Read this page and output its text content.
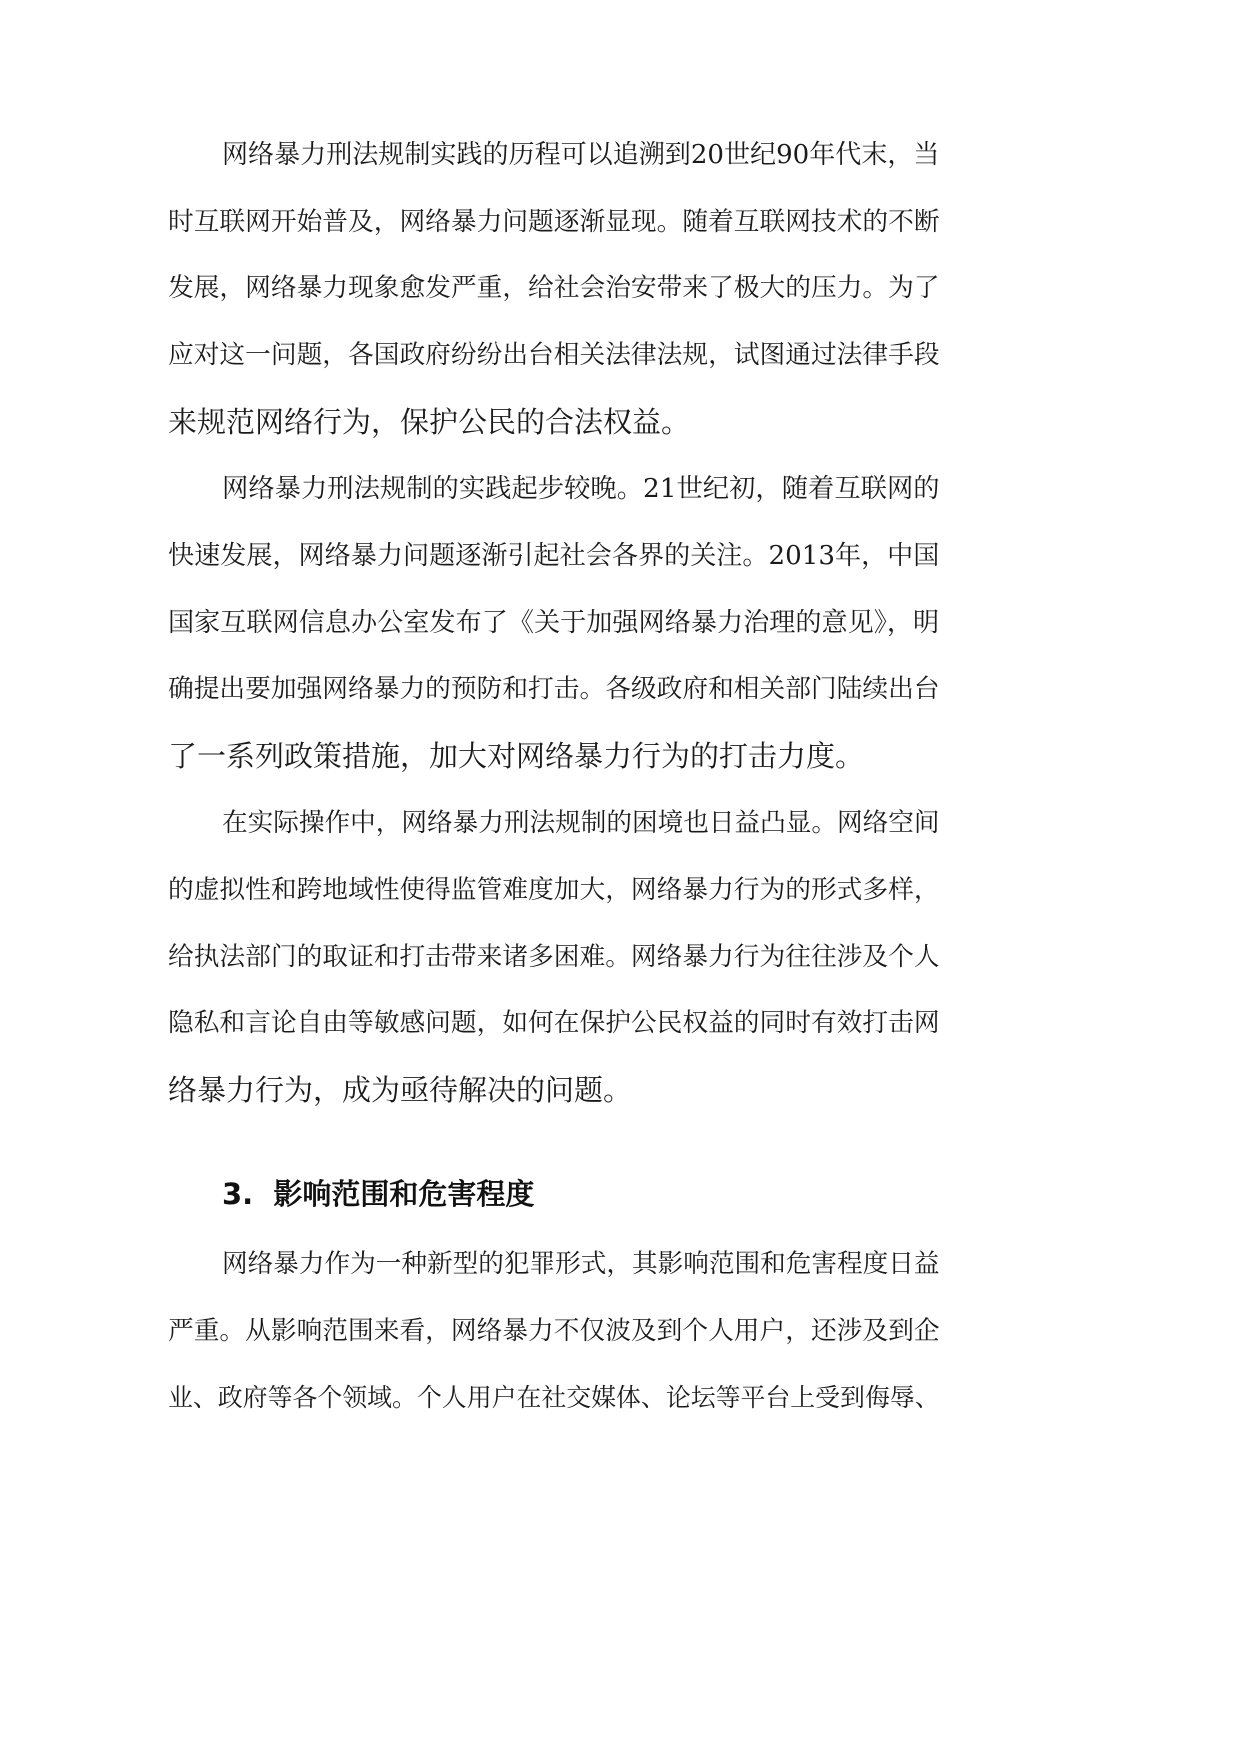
网络暴力刑法规制实践的历程可以追溯到20世纪90年代末，当
时互联网开始普及，网络暴力问题逐渐显现。随着互联网技术的不断
发展，网络暴力现象愈发严重，给社会治安带来了极大的压力。为了
应对这一问题，各国政府纷纷出台相关法律法规，试图通过法律手段
来规范网络行为，保护公民的合法权益。
网络暴力刑法规制的实践起步较晚。21世纪初，随着互联网的
快速发展，网络暴力问题逐渐引起社会各界的关注。2013年，中国
国家互联网信息办公室发布了《关于加强网络暴力治理的意见》，明
确提出要加强网络暴力的预防和打击。各级政府和相关部门陆续出台
了一系列政策措施，加大对网络暴力行为的打击力度。
在实际操作中，网络暴力刑法规制的困境也日益凸显。网络空间
的虚拟性和跨地域性使得监管难度加大，网络暴力行为的形式多样，
给执法部门的取证和打击带来诸多困难。网络暴力行为往往涉及个人
隐私和言论自由等敏感问题，如何在保护公民权益的同时有效打击网
络暴力行为，成为亟待解决的问题。
3.  影响范围和危害程度
网络暴力作为一种新型的犯罪形式，其影响范围和危害程度日益
严重。从影响范围来看，网络暴力不仅波及到个人用户，还涉及到企
业、政府等各个领域。个人用户在社交媒体、论坛等平台上受到侮辱、
